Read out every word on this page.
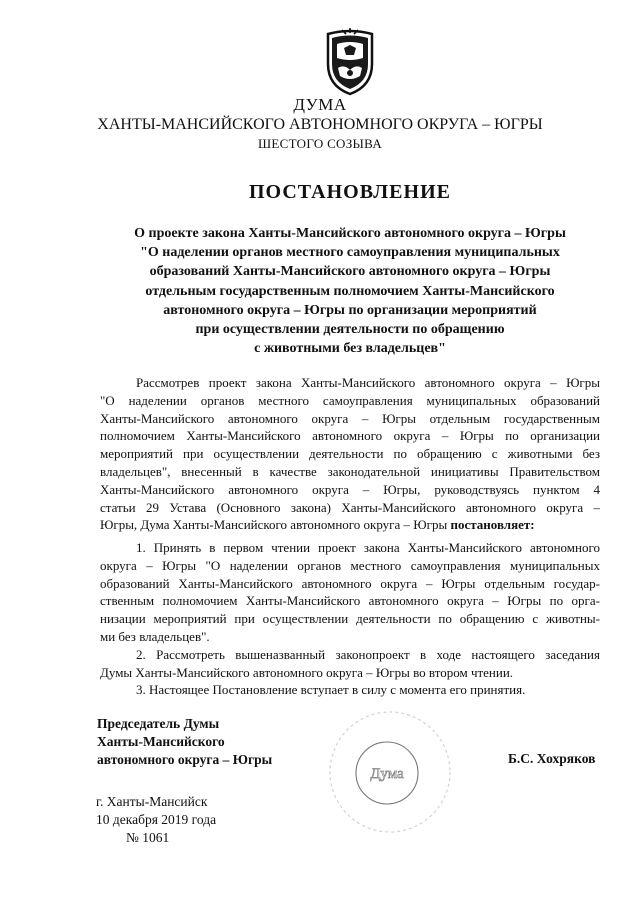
ДУМА
ХАНТЫ-МАНСИЙСКОГО АВТОНОМНОГО ОКРУГА – ЮГРЫ
ШЕСТОГО СОЗЫВА
ПОСТАНОВЛЕНИЕ
О проекте закона Ханты-Мансийского автономного округа – Югры
"О наделении органов местного самоуправления муниципальных
образований Ханты-Мансийского автономного округа – Югры
отдельным государственным полномочием Ханты-Мансийского
автономного округа – Югры по организации мероприятий
при осуществлении деятельности по обращению
с животными без владельцев"
Рассмотрев проект закона Ханты-Мансийского автономного округа – Югры
"О наделении органов местного самоуправления муниципальных образований
Ханты-Мансийского автономного округа – Югры отдельным государственным
полномочием Ханты-Мансийского автономного округа – Югры по организации
мероприятий при осуществлении деятельности по обращению с животными без
владельцев", внесенный в качестве законодательной инициативы Правительством
Ханты-Мансийского автономного округа – Югры, руководствуясь пунктом 4
статьи 29 Устава (Основного закона) Ханты-Мансийского автономного округа –
Югры, Дума Ханты-Мансийского автономного округа – Югры постановляет:
1. Принять в первом чтении проект закона Ханты-Мансийского автономного
округа – Югры "О наделении органов местного самоуправления муниципальных
образований Ханты-Мансийского автономного округа – Югры отдельным государ-
ственным полномочием Ханты-Мансийского автономного округа – Югры по орга-
низации мероприятий при осуществлении деятельности по обращению с животны-
ми без владельцев".
2. Рассмотреть вышеназванный законопроект в ходе настоящего заседания
Думы Ханты-Мансийского автономного округа – Югры во втором чтении.
3. Настоящее Постановление вступает в силу с момента его принятия.
Председатель Думы
Ханты-Мансийского
автономного округа – Югры
Дума
Б.С. Хохряков
г. Ханты-Мансийск
10 декабря 2019 года
№ 1061
